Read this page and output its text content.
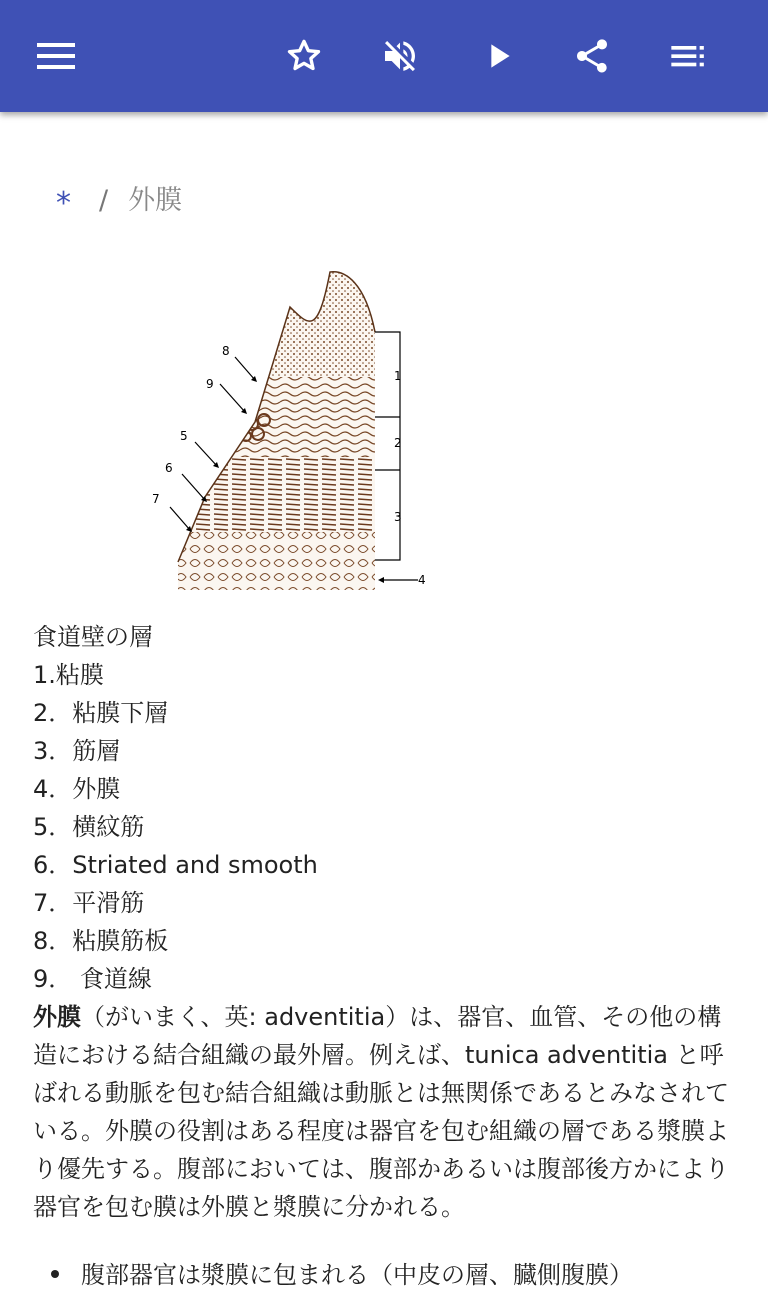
* / 外膜
1
2
3
4
5
6
7
8
9

食道壁の層

1.粘膜

2．粘膜下層

3．筋層

4．外膜

5．横紋筋

6．Striated and smooth

7．平滑筋

8．粘膜筋板

9． 食道線

外膜（がいまく、英: adventitia）は、器官、血管、その他の構造における結合組織の最外層。例えば、tunica adventitia と呼ばれる動脈を包む結合組織は動脈とは無関係であるとみなされている。外膜の役割はある程度は器官を包む組織の層である漿膜より優先する。腹部においては、腹部かあるいは腹部後方かにより器官を包む膜は外膜と漿膜に分かれる。

腹部器官は漿膜に包まれる（中皮の層、臓側腹膜）
